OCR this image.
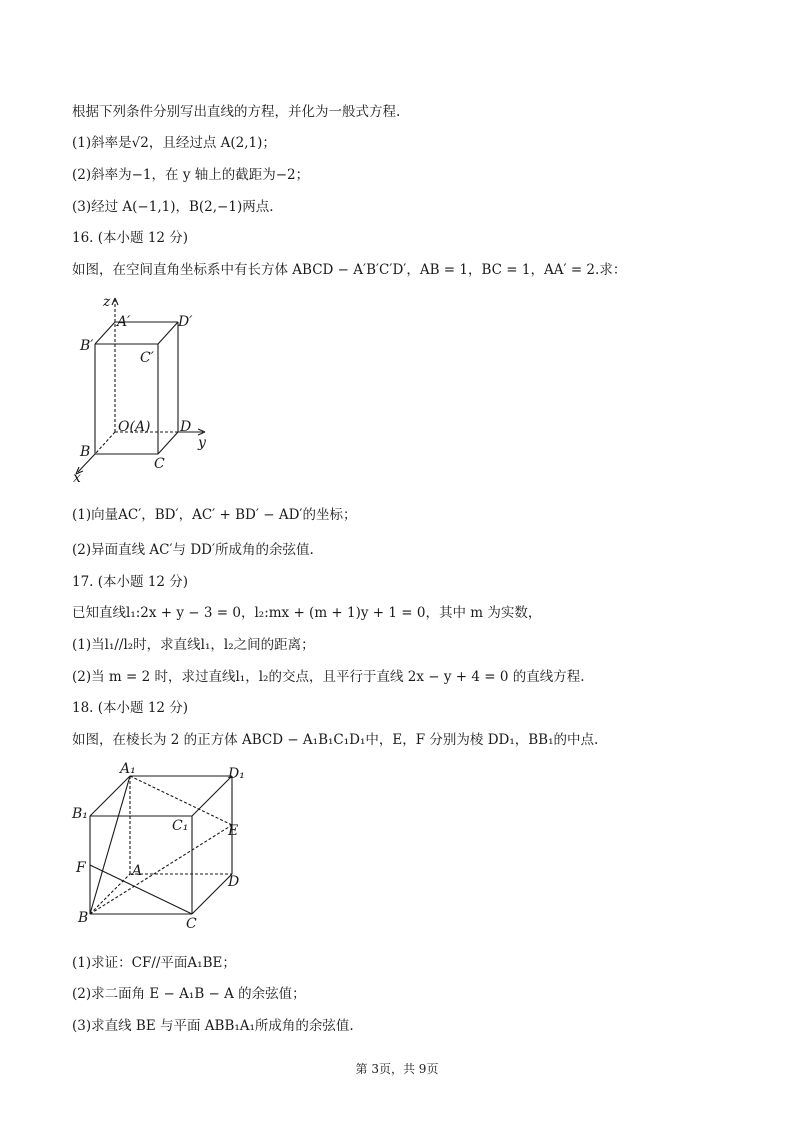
根据下列条件分别写出直线的方程，并化为一般式方程.
(1)斜率是√2，且经过点 A(2,1)；
(2)斜率为−1，在 y 轴上的截距为−2；
(3)经过 A(−1,1)，B(2,−1)两点.
16. (本小题 12 分)
如图，在空间直角坐标系中有长方体 ABCD − A′B′C′D′，AB = 1，BC = 1，AA′ = 2.求：
z
A′	D′
B′
C′
O(A) D
y
B
C
x
(1)向量AC′，BD′，AC′ + BD′ − AD′的坐标；
(2)异面直线 AC′与 DD′所成角的余弦值.
17. (本小题 12 分)
已知直线l₁:2x + y − 3 = 0，l₂:mx + (m + 1)y + 1 = 0，其中 m 为实数，
(1)当l₁//l₂时，求直线l₁，l₂之间的距离；
(2)当 m = 2 时，求过直线l₁，l₂的交点，且平行于直线 2x − y + 4 = 0 的直线方程.
18. (本小题 12 分)
如图，在棱长为 2 的正方体 ABCD − A₁B₁C₁D₁中，E，F 分别为棱 DD₁，BB₁的中点.
A₁	D₁
B₁
C₁	E
F	A
D
B	C
(1)求证：CF//平面A₁BE；
(2)求二面角 E − A₁B − A 的余弦值；
(3)求直线 BE 与平面 ABB₁A₁所成角的余弦值.
第 3页，共 9页
